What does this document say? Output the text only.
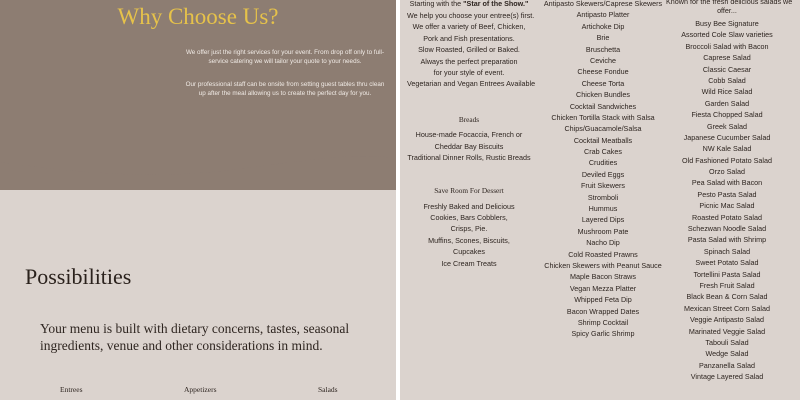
Why Choose Us?
We offer just the right services for your event. From drop off only to full-service catering we will tailor your quote to your needs.
Our professional staff can be onsite from setting guest tables thru clean up after the meal allowing us to create the perfect day for you.
Possibilities
Your menu is built with dietary concerns, tastes, seasonal ingredients, venue and other considerations in mind.
Entrees	Appetizers	Salads
Starting with the "Star of the Show."
We help you choose your entree(s) first.
We offer a variety of Beef, Chicken,
Pork and Fish presentations.
Slow Roasted, Grilled or Baked.
Always the perfect preparation
for your style of event.
Vegetarian and Vegan Entrees Available
Breads
House-made Focaccia, French or
Cheddar Bay Biscuits
Traditional Dinner Rolls, Rustic Breads
Save Room For Dessert
Freshly Baked and Delicious
Cookies, Bars Cobblers,
Crisps, Pie.
Muffins, Scones, Biscuits,
Cupcakes
Ice Cream Treats
Antipasto Skewers/Caprese Skewers
Antipasto Platter
Artichoke Dip
Brie
Bruschetta
Ceviche
Cheese Fondue
Cheese Torta
Chicken Bundles
Cocktail Sandwiches
Chicken Tortilla Stack with Salsa
Chips/Guacamole/Salsa
Cocktail Meatballs
Crab Cakes
Crudities
Deviled Eggs
Fruit Skewers
Stromboli
Hummus
Layered Dips
Mushroom Pate
Nacho Dip
Cold Roasted Prawns
Chicken Skewers with Peanut Sauce
Maple Bacon Straws
Vegan Mezza Platter
Whipped Feta Dip
Bacon Wrapped Dates
Shrimp Cocktail
Spicy Garlic Shrimp
Known for the fresh delicious salads we
offer...
Busy Bee Signature
Assorted Cole Slaw varieties
Broccoli Salad with Bacon
Caprese Salad
Classic Caesar
Cobb Salad
Wild Rice Salad
Garden Salad
Fiesta Chopped Salad
Greek Salad
Japanese Cucumber Salad
NW Kale Salad
Old Fashioned Potato Salad
Orzo Salad
Pea Salad with Bacon
Pesto Pasta Salad
Picnic Mac Salad
Roasted Potato Salad
Schezwan Noodle Salad
Pasta Salad with Shrimp
Spinach Salad
Sweet Potato Salad
Tortellini Pasta Salad
Fresh Fruit Salad
Black Bean & Corn Salad
Mexican Street Corn Salad
Veggie Antipasto Salad
Marinated Veggie Salad
Tabouli Salad
Wedge Salad
Panzanella Salad
Vintage Layered Salad
